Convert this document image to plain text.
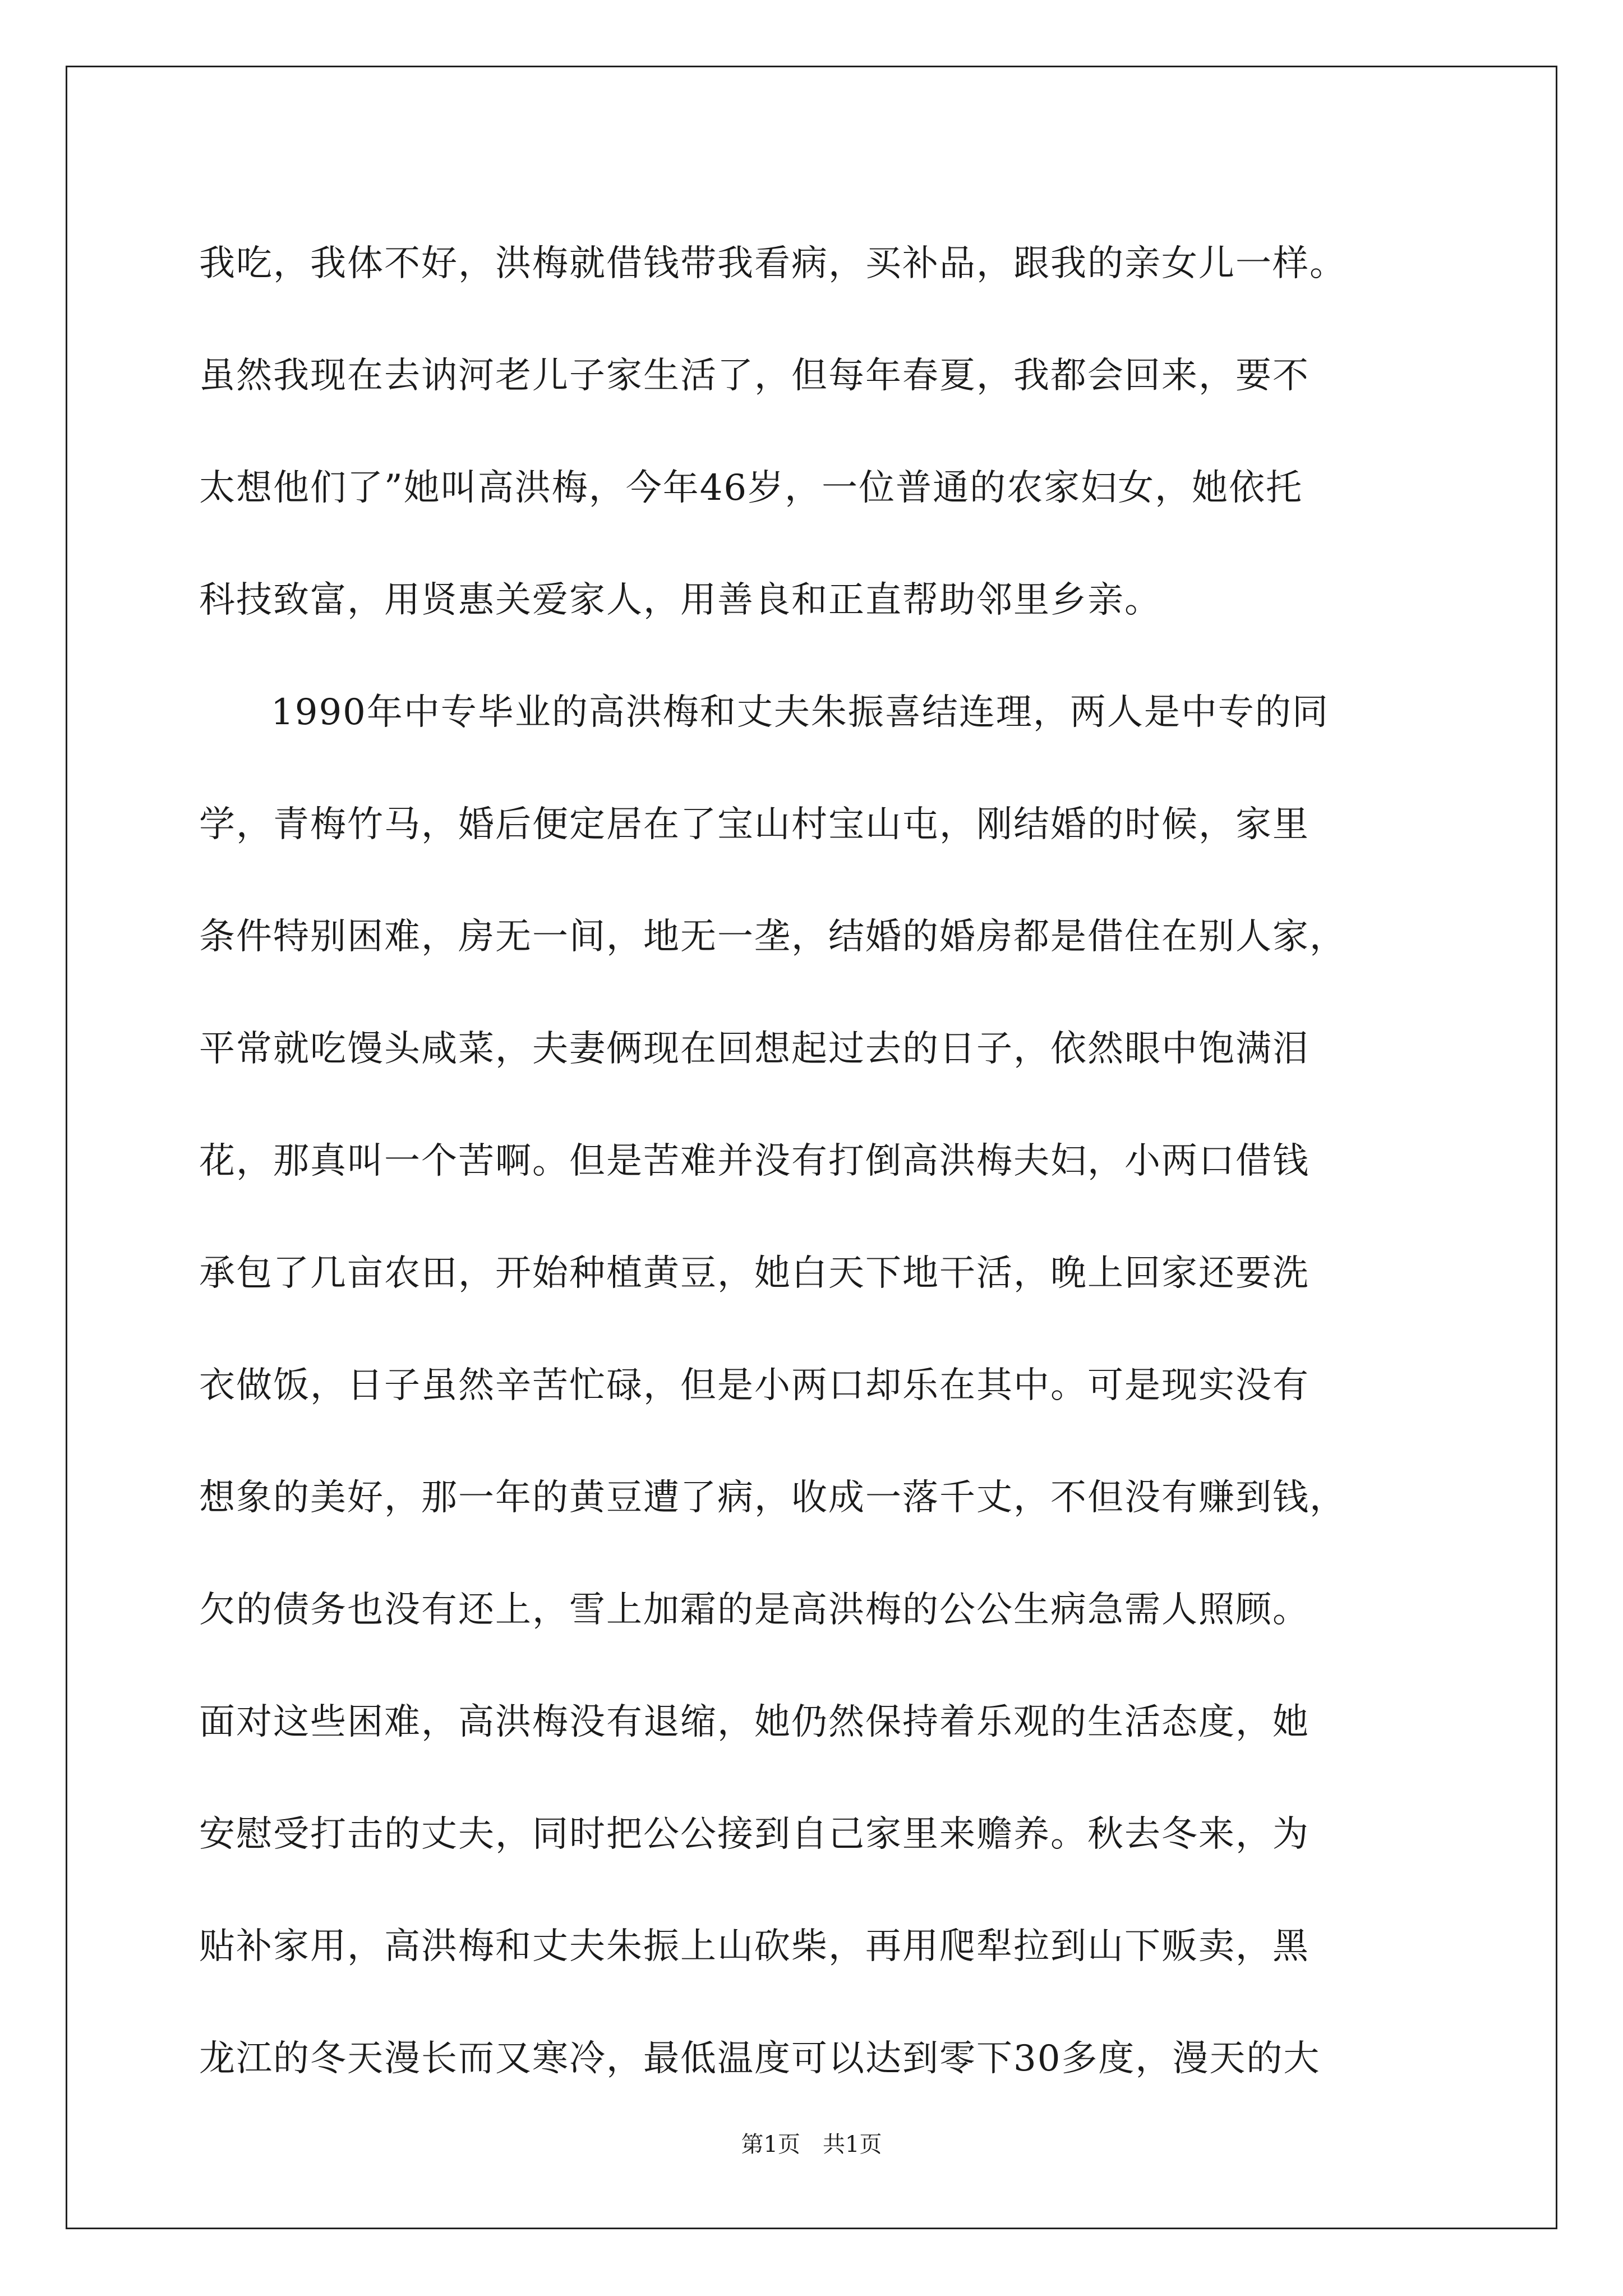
我吃，我体不好，洪梅就借钱带我看病，买补品，跟我的亲女儿一样。
虽然我现在去讷河老儿子家生活了，但每年春夏，我都会回来，要不
太想他们了”她叫高洪梅，今年46岁，一位普通的农家妇女，她依托
科技致富，用贤惠关爱家人，用善良和正直帮助邻里乡亲。
1990年中专毕业的高洪梅和丈夫朱振喜结连理，两人是中专的同
学，青梅竹马，婚后便定居在了宝山村宝山屯，刚结婚的时候，家里
条件特别困难，房无一间，地无一垄，结婚的婚房都是借住在别人家，
平常就吃馒头咸菜，夫妻俩现在回想起过去的日子，依然眼中饱满泪
花，那真叫一个苦啊。但是苦难并没有打倒高洪梅夫妇，小两口借钱
承包了几亩农田，开始种植黄豆，她白天下地干活，晚上回家还要洗
衣做饭，日子虽然辛苦忙碌，但是小两口却乐在其中。可是现实没有
想象的美好，那一年的黄豆遭了病，收成一落千丈，不但没有赚到钱，
欠的债务也没有还上，雪上加霜的是高洪梅的公公生病急需人照顾。
面对这些困难，高洪梅没有退缩，她仍然保持着乐观的生活态度，她
安慰受打击的丈夫，同时把公公接到自己家里来赡养。秋去冬来，为
贴补家用，高洪梅和丈夫朱振上山砍柴，再用爬犁拉到山下贩卖，黑
龙江的冬天漫长而又寒冷，最低温度可以达到零下30多度，漫天的大
第1页 共1页
